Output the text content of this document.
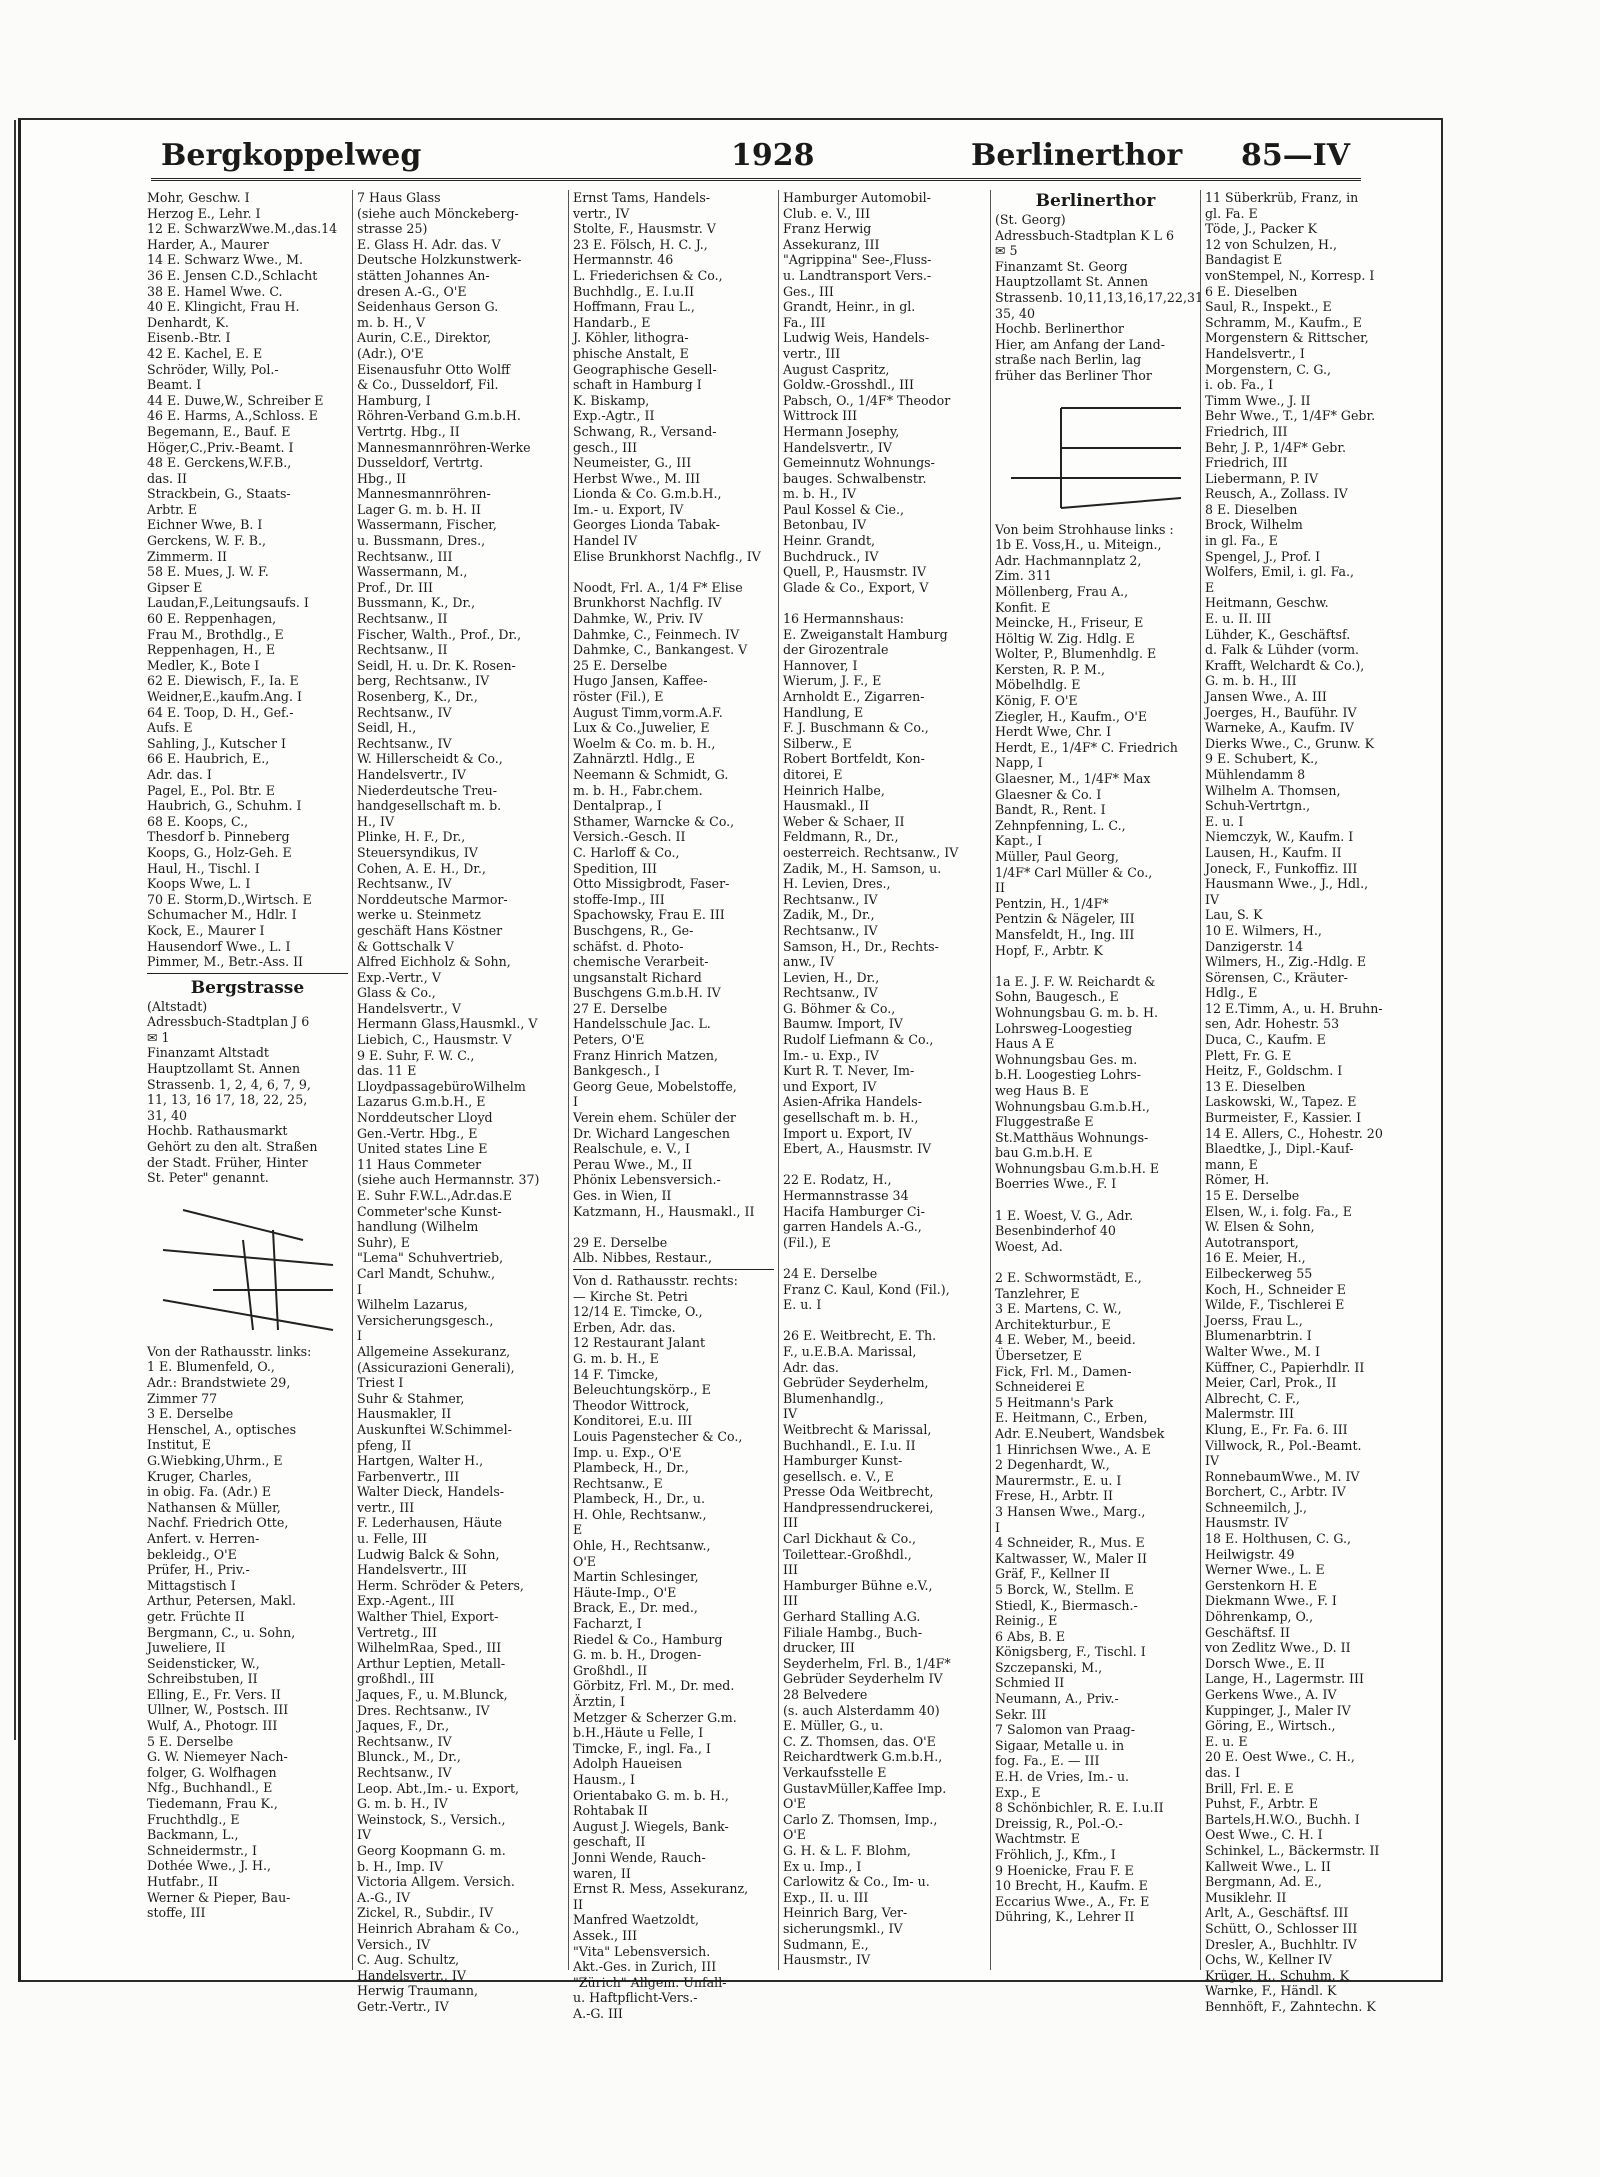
Bergkoppelweg	1928	Berlinerthor 85—IV
Mohr, Geschw. I
Herzog E., Lehr. I
12 E. SchwarzWwe.M.,das.14
Harder, A., Maurer
14 E. Schwarz Wwe., M.
36 E. Jensen C.D.,Schlacht
38 E. Hamel Wwe. C.
40 E. Klingicht, Frau H.
Denhardt, K.
Eisenb.-Btr. I
42 E. Kachel, E. E
Schröder, Willy, Pol.-
Beamt. I
44 E. Duwe,W., Schreiber E
46 E. Harms, A.,Schloss. E
Begemann, E., Bauf. E
Höger,C.,Priv.-Beamt. I
48 E. Gerckens,W.F.B.,
das. II
Strackbein, G., Staats-
Arbtr. E
Eichner Wwe, B. I
Gerckens, W. F. B.,
Zimmerm. II
58 E. Mues, J. W. F.
Gipser E
Laudan,F.,Leitungsaufs. I
60 E. Reppenhagen,
Frau M., Brothdlg., E
Reppenhagen, H., E
Medler, K., Bote I
62 E. Diewisch, F., Ia. E
Weidner,E.,kaufm.Ang. I
64 E. Toop, D. H., Gef.-
Aufs. E
Sahling, J., Kutscher I
66 E. Haubrich, E.,
Adr. das. I
Pagel, E., Pol. Btr. E
Haubrich, G., Schuhm. I
68 E. Koops, C.,
Thesdorf b. Pinneberg
Koops, G., Holz-Geh. E
Haul, H., Tischl. I
Koops Wwe, L. I
70 E. Storm,D.,Wirtsch. E
Schumacher M., Hdlr. I
Kock, E., Maurer I
Hausendorf Wwe., L. I
Pimmer, M., Betr.-Ass. II
Bergstrasse
(Altstadt)
Adressbuch-Stadtplan J 6
✉ 1
Finanzamt Altstadt
Hauptzollamt St. Annen
Strassenb. 1, 2, 4, 6, 7, 9,
11, 13, 16 17, 18, 22, 25,
31, 40
Hochb. Rathausmarkt
Gehört zu den alt. Straßen
der Stadt. Früher, Hinter
St. Peter" genannt.
Von der Rathausstr. links:
1 E. Blumenfeld, O.,
Adr.: Brandstwiete 29,
Zimmer 77
3 E. Derselbe
Henschel, A., optisches
Institut, E
G.Wiebking,Uhrm., E
Kruger, Charles,
in obig. Fa. (Adr.) E
Nathansen & Müller,
Nachf. Friedrich Otte,
Anfert. v. Herren-
bekleidg., O'E
Prüfer, H., Priv.-
Mittagstisch I
Arthur, Petersen, Makl.
getr. Früchte II
Bergmann, C., u. Sohn,
Juweliere, II
Seidensticker, W.,
Schreibstuben, II
Elling, E., Fr. Vers. II
Ullner, W., Postsch. III
Wulf, A., Photogr. III
5 E. Derselbe
G. W. Niemeyer Nach-
folger, G. Wolfhagen
Nfg., Buchhandl., E
Tiedemann, Frau K.,
Fruchthdlg., E
Backmann, L.,
Schneidermstr., I
Dothée Wwe., J. H.,
Hutfabr., II
Werner & Pieper, Bau-
stoffe, III
7 Haus Glass
(siehe auch Mönckeberg-
strasse 25)
E. Glass H. Adr. das. V
Deutsche Holzkunstwerk-
stätten Johannes An-
dresen A.-G., O'E
Seidenhaus Gerson G.
m. b. H., V
Aurin, C.E., Direktor,
(Adr.), O'E
Eisenausfuhr Otto Wolff
& Co., Dusseldorf, Fil.
Hamburg, I
Röhren-Verband G.m.b.H.
Vertrtg. Hbg., II
Mannesmannröhren-Werke
Dusseldorf, Vertrtg.
Hbg., II
Mannesmannröhren-
Lager G. m. b. H. II
Wassermann, Fischer,
u. Bussmann, Dres.,
Rechtsanw., III
Wassermann, M.,
Prof., Dr. III
Bussmann, K., Dr.,
Rechtsanw., II
Fischer, Walth., Prof., Dr.,
Rechtsanw., II
Seidl, H. u. Dr. K. Rosen-
berg, Rechtsanw., IV
Rosenberg, K., Dr.,
Rechtsanw., IV
Seidl, H.,
Rechtsanw., IV
W. Hillerscheidt & Co.,
Handelsvertr., IV
Niederdeutsche Treu-
handgesellschaft m. b.
H., IV
Plinke, H. F., Dr.,
Steuersyndikus, IV
Cohen, A. E. H., Dr.,
Rechtsanw., IV
Norddeutsche Marmor-
werke u. Steinmetz
geschäft Hans Köstner
& Gottschalk V
Alfred Eichholz & Sohn,
Exp.-Vertr., V
Glass & Co.,
Handelsvertr., V
Hermann Glass,Hausmkl., V
Liebich, C., Hausmstr. V
9 E. Suhr, F. W. C.,
das. 11 E
LloydpassagebüroWilhelm
Lazarus G.m.b.H., E
Norddeutscher Lloyd
Gen.-Vertr. Hbg., E
United states Line E
11 Haus Commeter
(siehe auch Hermannstr. 37)
E. Suhr F.W.L.,Adr.das.E
Commeter'sche Kunst-
handlung (Wilhelm
Suhr), E
"Lema" Schuhvertrieb,
Carl Mandt, Schuhw.,
I
Wilhelm Lazarus,
Versicherungsgesch.,
I
Allgemeine Assekuranz,
(Assicurazioni Generali),
Triest I
Suhr & Stahmer,
Hausmakler, II
Auskunftei W.Schimmel-
pfeng, II
Hartgen, Walter H.,
Farbenvertr., III
Walter Dieck, Handels-
vertr., III
F. Lederhausen, Häute
u. Felle, III
Ludwig Balck & Sohn,
Handelsvertr., III
Herm. Schröder & Peters,
Exp.-Agent., III
Walther Thiel, Export-
Vertretg., III
WilhelmRaa, Sped., III
Arthur Leptien, Metall-
großhdl., III
Jaques, F., u. M.Blunck,
Dres. Rechtsanw., IV
Jaques, F., Dr.,
Rechtsanw., IV
Blunck., M., Dr.,
Rechtsanw., IV
Leop. Abt.,Im.- u. Export,
G. m. b. H., IV
Weinstock, S., Versich.,
IV
Georg Koopmann G. m.
b. H., Imp. IV
Victoria Allgem. Versich.
A.-G., IV
Zickel, R., Subdir., IV
Heinrich Abraham & Co.,
Versich., IV
C. Aug. Schultz,
Handelsvertr., IV
Herwig Traumann,
Getr.-Vertr., IV
Ernst Tams, Handels-
vertr., IV
Stolte, F., Hausmstr. V
23 E. Fölsch, H. C. J.,
Hermannstr. 46
L. Friederichsen & Co.,
Buchhdlg., E. I.u.II
Hoffmann, Frau L.,
Handarb., E
J. Köhler, lithogra-
phische Anstalt, E
Geographische Gesell-
schaft in Hamburg I
K. Biskamp,
Exp.-Agtr., II
Schwang, R., Versand-
gesch., III
Neumeister, G., III
Herbst Wwe., M. III
Lionda & Co. G.m.b.H.,
Im.- u. Export, IV
Georges Lionda Tabak-
Handel IV
Elise Brunkhorst Nachflg., IV

Noodt, Frl. A., 1/4 F* Elise
Brunkhorst Nachflg. IV
Dahmke, W., Priv. IV
Dahmke, C., Feinmech. IV
Dahmke, C., Bankangest. V
25 E. Derselbe
Hugo Jansen, Kaffee-
röster (Fil.), E
August Timm,vorm.A.F.
Lux & Co.,Juwelier, E
Woelm & Co. m. b. H.,
Zahnärztl. Hdlg., E
Neemann & Schmidt, G.
m. b. H., Fabr.chem.
Dentalprap., I
Sthamer, Warncke & Co.,
Versich.-Gesch. II
C. Harloff & Co.,
Spedition, III
Otto Missigbrodt, Faser-
stoffe-Imp., III
Spachowsky, Frau E. III
Buschgens, R., Ge-
schäfst. d. Photo-
chemische Verarbeit-
ungsanstalt Richard
Buschgens G.m.b.H. IV
27 E. Derselbe
Handelsschule Jac. L.
Peters, O'E
Franz Hinrich Matzen,
Bankgesch., I
Georg Geue, Mobelstoffe,
I
Verein ehem. Schüler der
Dr. Wichard Langeschen
Realschule, e. V., I
Perau Wwe., M., II
Phönix Lebensversich.-
Ges. in Wien, II
Katzmann, H., Hausmakl., II

29 E. Derselbe
Alb. Nibbes, Restaur.,
Von d. Rathausstr. rechts:
— Kirche St. Petri
12/14 E. Timcke, O.,
Erben, Adr. das.
12 Restaurant Jalant
G. m. b. H., E
14 F. Timcke,
Beleuchtungskörp., E
Theodor Wittrock,
Konditorei, E.u. III
Louis Pagenstecher & Co.,
Imp. u. Exp., O'E
Plambeck, H., Dr.,
Rechtsanw., E
Plambeck, H., Dr., u.
H. Ohle, Rechtsanw.,
E
Ohle, H., Rechtsanw.,
O'E
Martin Schlesinger,
Häute-Imp., O'E
Brack, E., Dr. med.,
Facharzt, I
Riedel & Co., Hamburg
G. m. b. H., Drogen-
Großhdl., II
Görbitz, Frl. M., Dr. med.
Ärztin, I
Metzger & Scherzer G.m.
b.H.,Häute u Felle, I
Timcke, F., ingl. Fa., I
Adolph Haueisen
Hausm., I
Orientabako G. m. b. H.,
Rohtabak II
August J. Wiegels, Bank-
geschaft, II
Jonni Wende, Rauch-
waren, II
Ernst R. Mess, Assekuranz,
II
Manfred Waetzoldt,
Assek., III
"Vita" Lebensversich.
Akt.-Ges. in Zurich, III
"Zürich" Allgem. Unfall-
u. Haftpflicht-Vers.-
A.-G. III
Hamburger Automobil-
Club. e. V., III
Franz Herwig
Assekuranz, III
"Agrippina" See-,Fluss-
u. Landtransport Vers.-
Ges., III
Grandt, Heinr., in gl.
Fa., III
Ludwig Weis, Handels-
vertr., III
August Caspritz,
Goldw.-Grosshdl., III
Pabsch, O., 1/4F* Theodor
Wittrock III
Hermann Josephy,
Handelsvertr., IV
Gemeinnutz Wohnungs-
bauges. Schwalbenstr.
m. b. H., IV
Paul Kossel & Cie.,
Betonbau, IV
Heinr. Grandt,
Buchdruck., IV
Quell, P., Hausmstr. IV
Glade & Co., Export, V

16 Hermannshaus:
E. Zweiganstalt Hamburg
der Girozentrale
Hannover, I
Wierum, J. F., E
Arnholdt E., Zigarren-
Handlung, E
F. J. Buschmann & Co.,
Silberw., E
Robert Bortfeldt, Kon-
ditorei, E
Heinrich Halbe,
Hausmakl., II
Weber & Schaer, II
Feldmann, R., Dr.,
oesterreich. Rechtsanw., IV
Zadik, M., H. Samson, u.
H. Levien, Dres.,
Rechtsanw., IV
Zadik, M., Dr.,
Rechtsanw., IV
Samson, H., Dr., Rechts-
anw., IV
Levien, H., Dr.,
Rechtsanw., IV
G. Böhmer & Co.,
Baumw. Import, IV
Rudolf Liefmann & Co.,
Im.- u. Exp., IV
Kurt R. T. Never, Im-
und Export, IV
Asien-Afrika Handels-
gesellschaft m. b. H.,
Import u. Export, IV
Ebert, A., Hausmstr. IV

22 E. Rodatz, H.,
Hermannstrasse 34
Hacifa Hamburger Ci-
garren Handels A.-G.,
(Fil.), E

24 E. Derselbe
Franz C. Kaul, Kond (Fil.),
E. u. I

26 E. Weitbrecht, E. Th.
F., u.E.B.A. Marissal,
Adr. das.
Gebrüder Seyderhelm,
Blumenhandlg.,
IV
Weitbrecht & Marissal,
Buchhandl., E. I.u. II
Hamburger Kunst-
gesellsch. e. V., E
Presse Oda Weitbrecht,
Handpressendruckerei,
III
Carl Dickhaut & Co.,
Toilettear.-Großhdl.,
III
Hamburger Bühne e.V.,
III
Gerhard Stalling A.G.
Filiale Hambg., Buch-
drucker, III
Seyderhelm, Frl. B., 1/4F*
Gebrüder Seyderhelm IV
28 Belvedere
(s. auch Alsterdamm 40)
E. Müller, G., u.
C. Z. Thomsen, das. O'E
Reichardtwerk G.m.b.H.,
Verkaufsstelle E
GustavMüller,Kaffee Imp.
O'E
Carlo Z. Thomsen, Imp.,
O'E
G. H. & L. F. Blohm,
Ex u. Imp., I
Carlowitz & Co., Im- u.
Exp., II. u. III
Heinrich Barg, Ver-
sicherungsmkl., IV
Sudmann, E.,
Hausmstr., IV
Berlinerthor
(St. Georg)
Adressbuch-Stadtplan K L 6
✉ 5
Finanzamt St. Georg
Hauptzollamt St. Annen
Strassenb. 10,11,13,16,17,22,31
35, 40
Hochb. Berlinerthor
Hier, am Anfang der Land-
straße nach Berlin, lag
früher das Berliner Thor
Von beim Strohhause links :
1b E. Voss,H., u. Miteign.,
Adr. Hachmannplatz 2,
Zim. 311
Möllenberg, Frau A.,
Konfit. E
Meincke, H., Friseur, E
Höltig W. Zig. Hdlg. E
Wolter, P., Blumenhdlg. E
Kersten, R. P. M.,
Möbelhdlg. E
König, F. O'E
Ziegler, H., Kaufm., O'E
Herdt Wwe, Chr. I
Herdt, E., 1/4F* C. Friedrich
Napp, I
Glaesner, M., 1/4F* Max
Glaesner & Co. I
Bandt, R., Rent. I
Zehnpfenning, L. C.,
Kapt., I
Müller, Paul Georg,
1/4F* Carl Müller & Co.,
II
Pentzin, H., 1/4F*
Pentzin & Nägeler, III
Mansfeldt, H., Ing. III
Hopf, F., Arbtr. K

1a E. J. F. W. Reichardt &
Sohn, Baugesch., E
Wohnungsbau G. m. b. H.
Lohrsweg-Loogestieg
Haus A E
Wohnungsbau Ges. m.
b.H. Loogestieg Lohrs-
weg Haus B. E
Wohnungsbau G.m.b.H.,
Fluggestraße E
St.Matthäus Wohnungs-
bau G.m.b.H. E
Wohnungsbau G.m.b.H. E
Boerries Wwe., F. I

1 E. Woest, V. G., Adr.
Besenbinderhof 40
Woest, Ad.

2 E. Schwormstädt, E.,
Tanzlehrer, E
3 E. Martens, C. W.,
Architekturbur., E
4 E. Weber, M., beeid.
Übersetzer, E
Fick, Frl. M., Damen-
Schneiderei E
5 Heitmann's Park
E. Heitmann, C., Erben,
Adr. E.Neubert, Wandsbek
1 Hinrichsen Wwe., A. E
2 Degenhardt, W.,
Maurermstr., E. u. I
Frese, H., Arbtr. II
3 Hansen Wwe., Marg.,
I
4 Schneider, R., Mus. E
Kaltwasser, W., Maler II
Gräf, F., Kellner II
5 Borck, W., Stellm. E
Stiedl, K., Biermasch.-
Reinig., E
6 Abs, B. E
Königsberg, F., Tischl. I
Szczepanski, M.,
Schmied II
Neumann, A., Priv.-
Sekr. III
7 Salomon van Praag-
Sigaar, Metalle u. in
fog. Fa., E. — III
E.H. de Vries, Im.- u.
Exp., E
8 Schönbichler, R. E. I.u.II
Dreissig, R., Pol.-O.-
Wachtmstr. E
Fröhlich, J., Kfm., I
9 Hoenicke, Frau F. E
10 Brecht, H., Kaufm. E
Eccarius Wwe., A., Fr. E
Dühring, K., Lehrer II
11 Süberkrüb, Franz, in
gl. Fa. E
Töde, J., Packer K
12 von Schulzen, H.,
Bandagist E
vonStempel, N., Korresp. I
6 E. Dieselben
Saul, R., Inspekt., E
Schramm, M., Kaufm., E
Morgenstern & Rittscher,
Handelsvertr., I
Morgenstern, C. G.,
i. ob. Fa., I
Timm Wwe., J. II
Behr Wwe., T., 1/4F* Gebr.
Friedrich, III
Behr, J. P., 1/4F* Gebr.
Friedrich, III
Liebermann, P. IV
Reusch, A., Zollass. IV
8 E. Dieselben
Brock, Wilhelm
in gl. Fa., E
Spengel, J., Prof. I
Wolfers, Emil, i. gl. Fa.,
E
Heitmann, Geschw.
E. u. II. III
Lühder, K., Geschäftsf.
d. Falk & Lühder (vorm.
Krafft, Welchardt & Co.),
G. m. b. H., III
Jansen Wwe., A. III
Joerges, H., Bauführ. IV
Warneke, A., Kaufm. IV
Dierks Wwe., C., Grunw. K
9 E. Schubert, K.,
Mühlendamm 8
Wilhelm A. Thomsen,
Schuh-Vertrtgn.,
E. u. I
Niemczyk, W., Kaufm. I
Lausen, H., Kaufm. II
Joneck, F., Funkoffiz. III
Hausmann Wwe., J., Hdl.,
IV
Lau, S. K
10 E. Wilmers, H.,
Danzigerstr. 14
Wilmers, H., Zig.-Hdlg. E
Sörensen, C., Kräuter-
Hdlg., E
12 E.Timm, A., u. H. Bruhn-
sen, Adr. Hohestr. 53
Duca, C., Kaufm. E
Plett, Fr. G. E
Heitz, F., Goldschm. I
13 E. Dieselben
Laskowski, W., Tapez. E
Burmeister, F., Kassier. I
14 E. Allers, C., Hohestr. 20
Blaedtke, J., Dipl.-Kauf-
mann, E
Römer, H.
15 E. Derselbe
Elsen, W., i. folg. Fa., E
W. Elsen & Sohn,
Autotransport,
16 E. Meier, H.,
Eilbeckerweg 55
Koch, H., Schneider E
Wilde, F., Tischlerei E
Joerss, Frau L.,
Blumenarbtrin. I
Walter Wwe., M. I
Küffner, C., Papierhdlr. II
Meier, Carl, Prok., II
Albrecht, C. F.,
Malermstr. III
Klung, E., Fr. Fa. 6. III
Villwock, R., Pol.-Beamt.
IV
RonnebaumWwe., M. IV
Borchert, C., Arbtr. IV
Schneemilch, J.,
Hausmstr. IV
18 E. Holthusen, C. G.,
Heilwigstr. 49
Werner Wwe., L. E
Gerstenkorn H. E
Diekmann Wwe., F. I
Döhrenkamp, O.,
Geschäftsf. II
von Zedlitz Wwe., D. II
Dorsch Wwe., E. II
Lange, H., Lagermstr. III
Gerkens Wwe., A. IV
Kuppinger, J., Maler IV
Göring, E., Wirtsch.,
E. u. E
20 E. Oest Wwe., C. H.,
das. I
Brill, Frl. E. E
Puhst, F., Arbtr. E
Bartels,H.W.O., Buchh. I
Oest Wwe., C. H. I
Schinkel, L., Bäckermstr. II
Kallweit Wwe., L. II
Bergmann, Ad. E.,
Musiklehr. II
Arlt, A., Geschäftsf. III
Schütt, O., Schlosser III
Dresler, A., Buchhltr. IV
Ochs, W., Kellner IV
Krüger, H., Schuhm. K
Warnke, F., Händl. K
Bennhöft, F., Zahntechn. K
